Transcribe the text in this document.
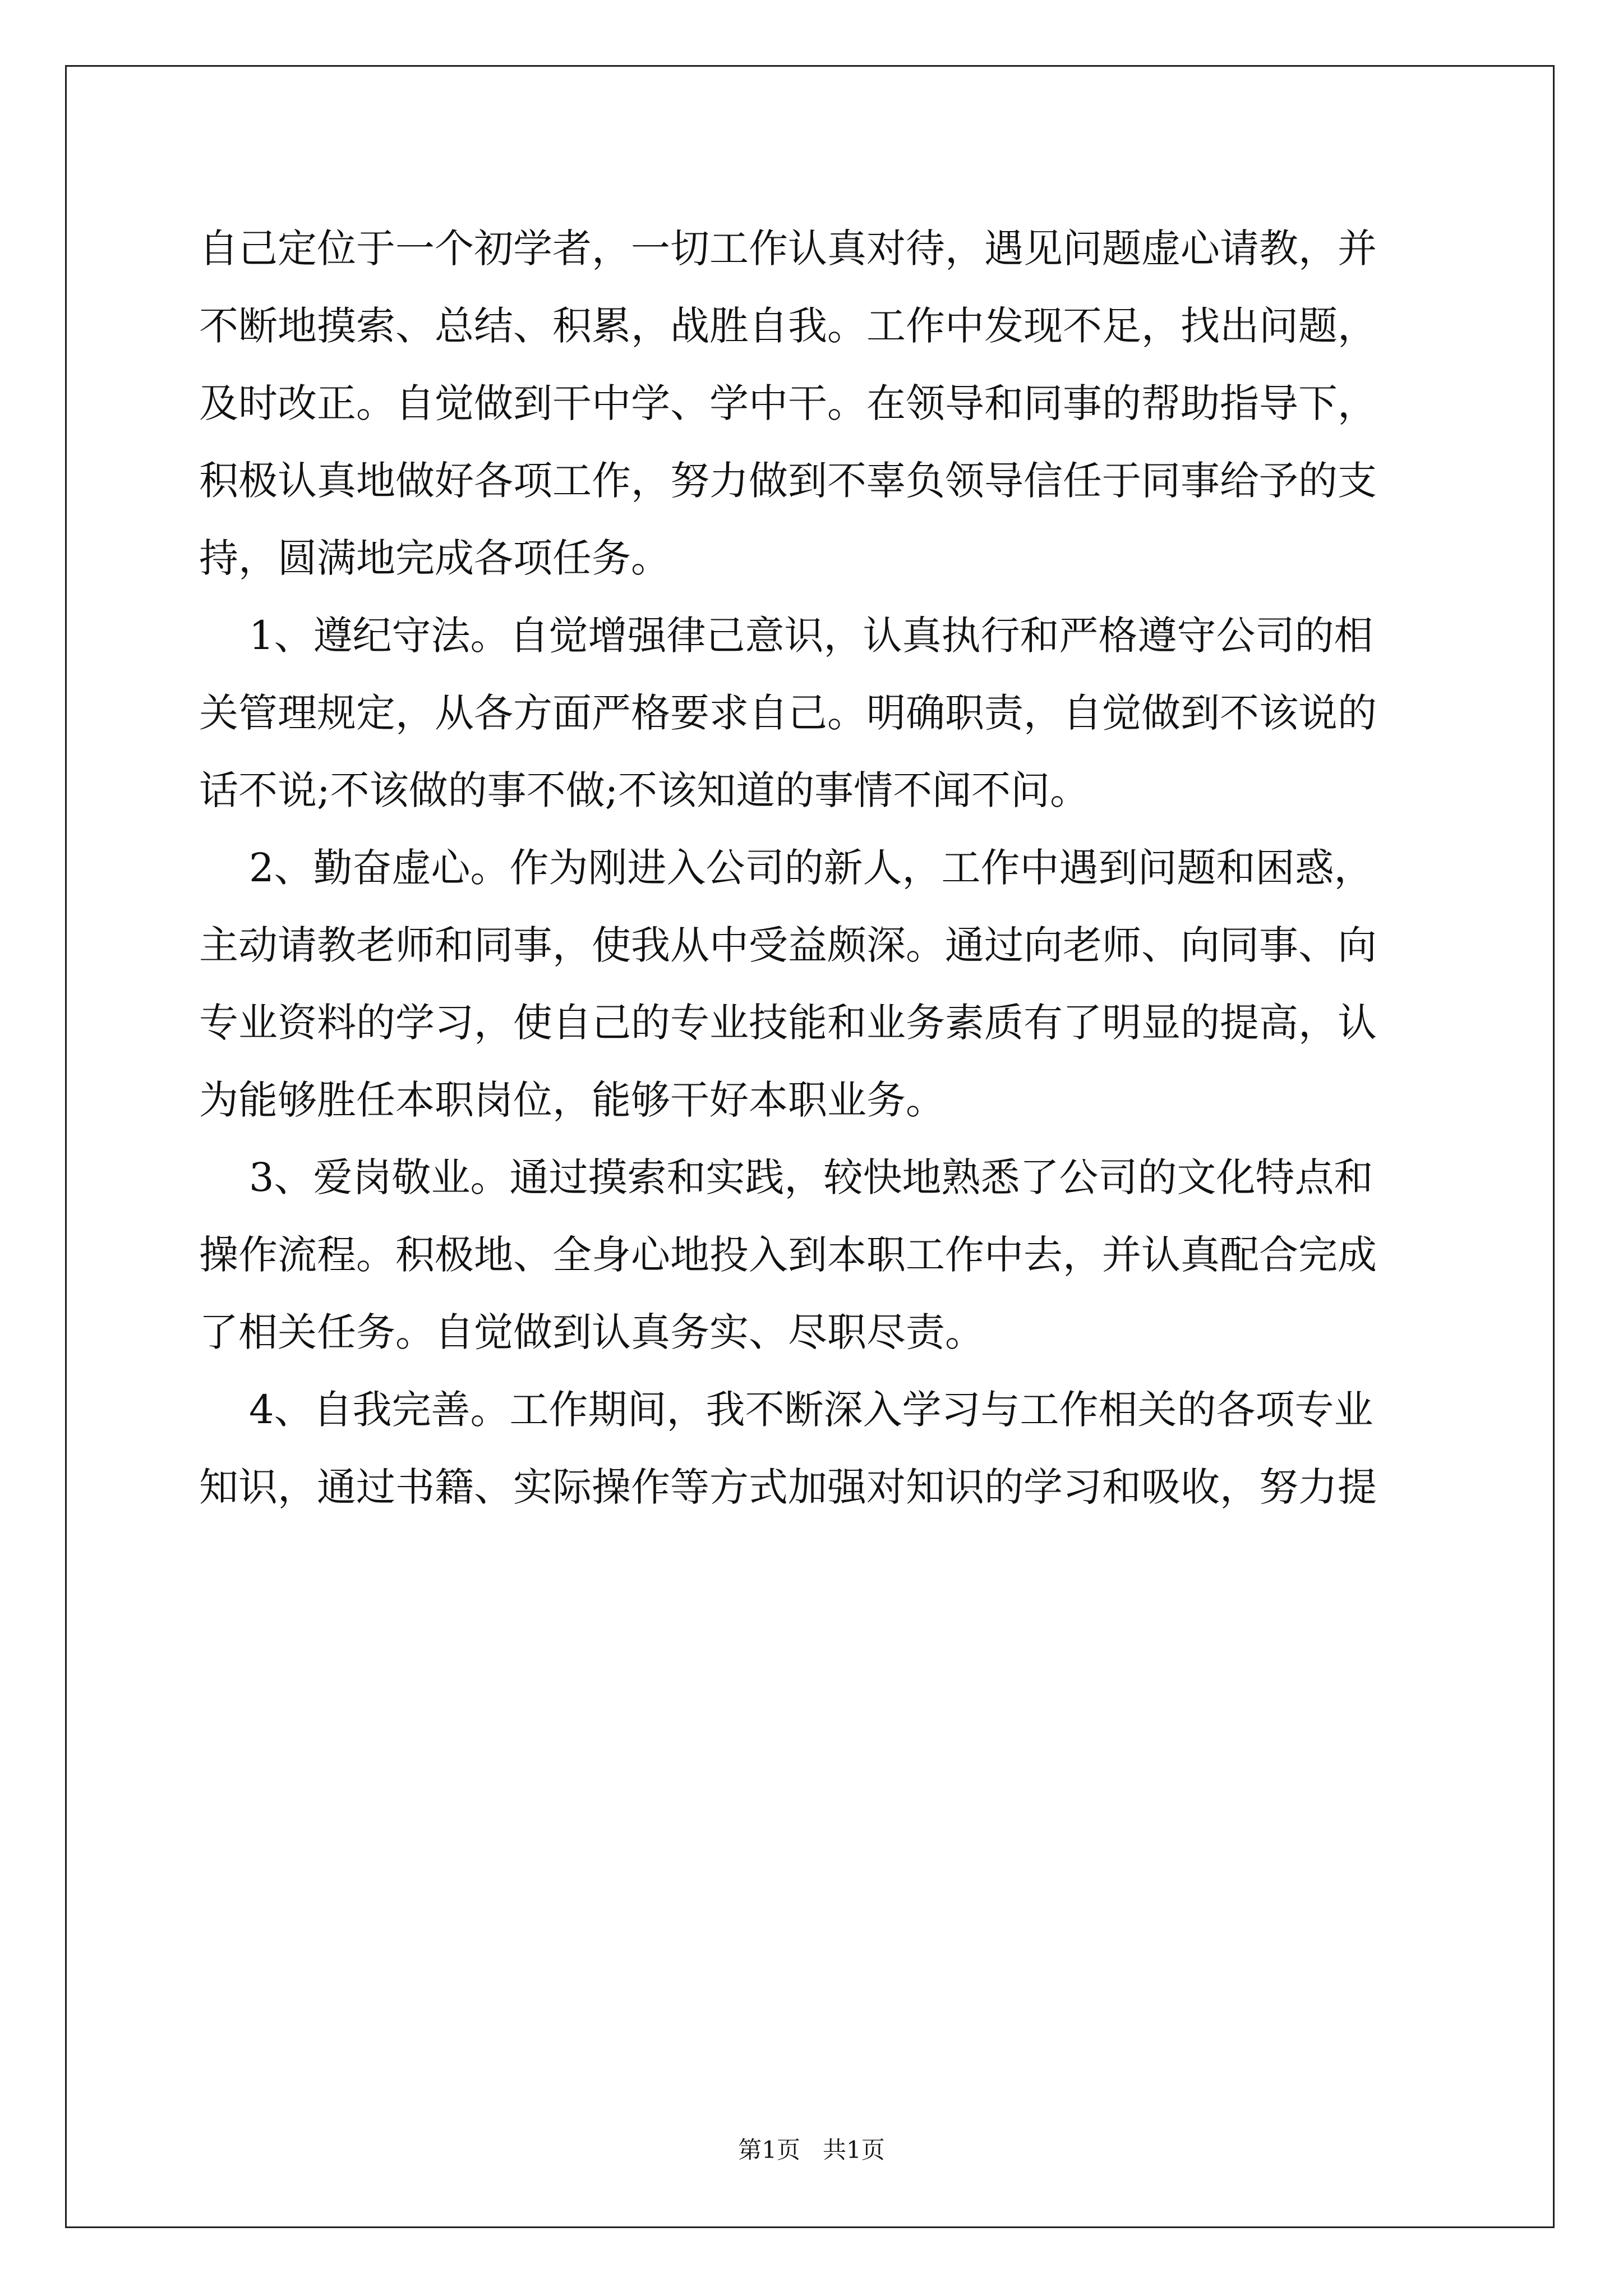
自己定位于一个初学者，一切工作认真对待，遇见问题虚心请教，并
不断地摸索、总结、积累，战胜自我。工作中发现不足，找出问题，
及时改正。自觉做到干中学、学中干。在领导和同事的帮助指导下，
积极认真地做好各项工作，努力做到不辜负领导信任于同事给予的支
持，圆满地完成各项任务。
1、遵纪守法。自觉增强律己意识，认真执行和严格遵守公司的相
关管理规定，从各方面严格要求自己。明确职责，自觉做到不该说的
话不说;不该做的事不做;不该知道的事情不闻不问。
2、勤奋虚心。作为刚进入公司的新人，工作中遇到问题和困惑，
主动请教老师和同事，使我从中受益颇深。通过向老师、向同事、向
专业资料的学习，使自己的专业技能和业务素质有了明显的提高，认
为能够胜任本职岗位，能够干好本职业务。
3、爱岗敬业。通过摸索和实践，较快地熟悉了公司的文化特点和
操作流程。积极地、全身心地投入到本职工作中去，并认真配合完成
了相关任务。自觉做到认真务实、尽职尽责。
4、自我完善。工作期间，我不断深入学习与工作相关的各项专业
知识，通过书籍、实际操作等方式加强对知识的学习和吸收，努力提
第1页   共1页
